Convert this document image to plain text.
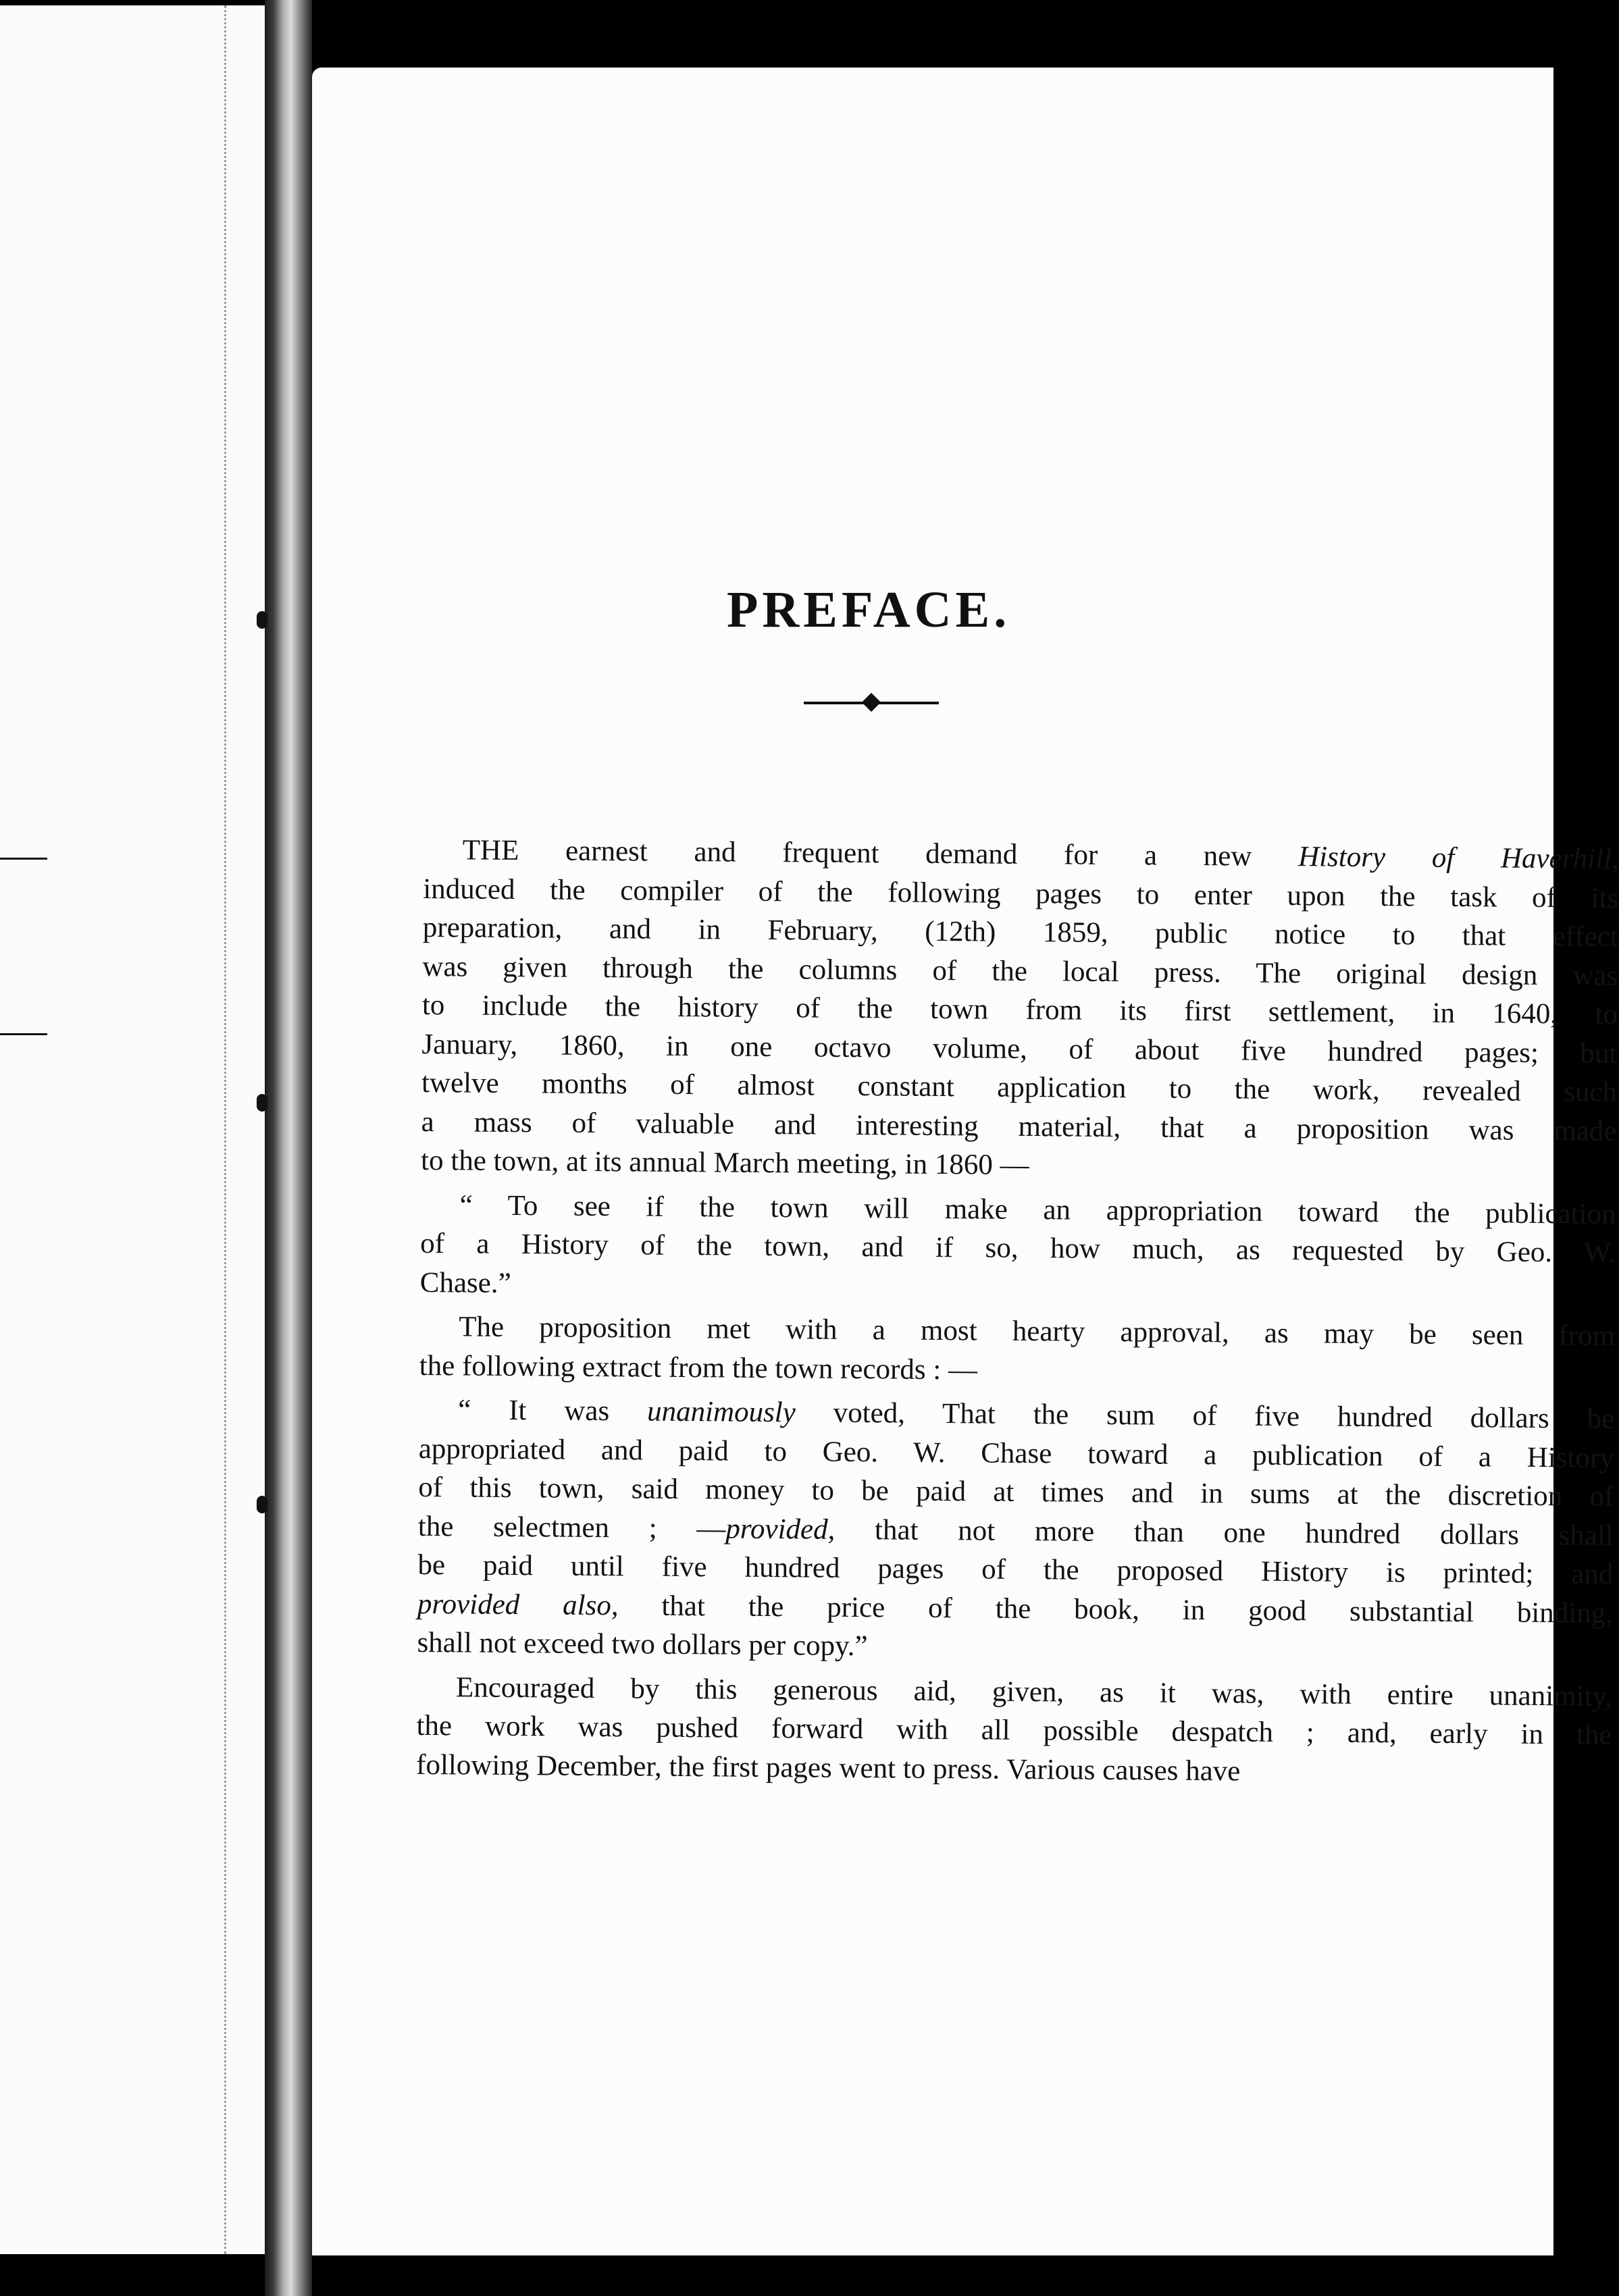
PREFACE.
THE earnest and frequent demand for a new History of Haverhill,
induced the compiler of the following pages to enter upon the task of its
preparation, and in February, (12th) 1859, public notice to that effect
was given through the columns of the local press. The original design was
to include the history of the town from its first settlement, in 1640, to
January, 1860, in one octavo volume, of about five hundred pages; but
twelve months of almost constant application to the work, revealed such
a mass of valuable and interesting material, that a proposition was made
to the town, at its annual March meeting, in 1860 —
“ To see if the town will make an appropriation toward the publication
of a History of the town, and if so, how much, as requested by Geo. W.
Chase.”
The proposition met with a most hearty approval, as may be seen from
the following extract from the town records : —
“ It was unanimously voted, That the sum of five hundred dollars be
appropriated and paid to Geo. W. Chase toward a publication of a History
of this town, said money to be paid at times and in sums at the discretion of
the selectmen ; —provided, that not more than one hundred dollars shall
be paid until five hundred pages of the proposed History is printed; and
provided also, that the price of the book, in good substantial binding,
shall not exceed two dollars per copy.”
Encouraged by this generous aid, given, as it was, with entire unanimity,
the work was pushed forward with all possible despatch ; and, early in the
following December, the first pages went to press. Various causes have
